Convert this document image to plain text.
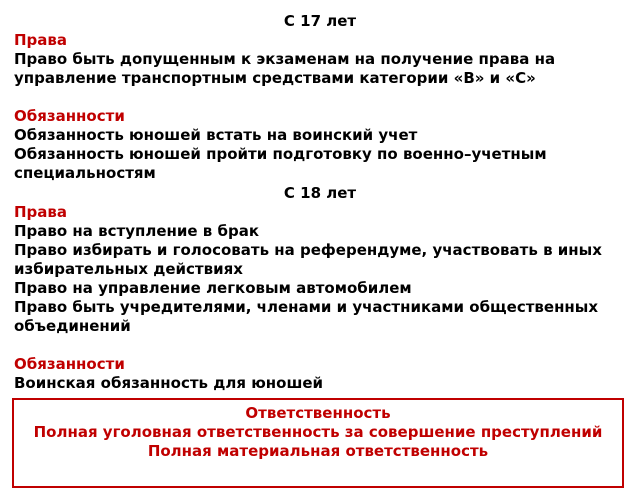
С 17 лет
Права
Право быть допущенным к экзаменам на получение права на управление транспортным средствами категории «В» и «С»
Обязанности
Обязанность юношей встать на воинский учет
Обязанность юношей пройти подготовку по военно–учетным специальностям
С 18 лет
Права
Право на вступление в брак
Право избирать и голосовать на референдуме, участвовать в иных избирательных действиях
Право на управление легковым автомобилем
Право быть учредителями, членами и участниками общественных объединений
Обязанности
Воинская обязанность для юношей
Ответственность
Полная уголовная ответственность за совершение преступлений
Полная материальная ответственность
